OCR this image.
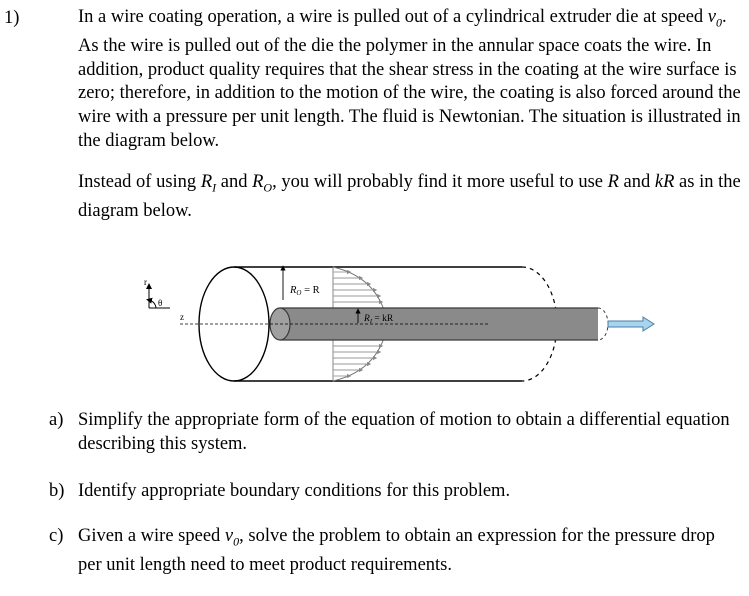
1)	In a wire coating operation, a wire is pulled out of a cylindrical extruder die at speed $v_0$. As the wire is pulled out of the die the polymer in the annular space coats the wire. In addition, product quality requires that the shear stress in the coating at the wire surface is zero; therefore, in addition to the motion of the wire, the coating is also forced around the wire with a pressure per unit length. The fluid is Newtonian. The situation is illustrated in the diagram below.
Instead of using $R_I$ and $R_O$, you will probably find it more useful to use R and kR as in the diagram below.
r
θ
z
RO = R
$R_I$ = kR
a) Simplify the appropriate form of the equation of motion to obtain a differential equation describing this system.
b) Identify appropriate boundary conditions for this problem.
c) Given a wire speed $v_0$, solve the problem to obtain an expression for the pressure drop per unit length need to meet product requirements.
